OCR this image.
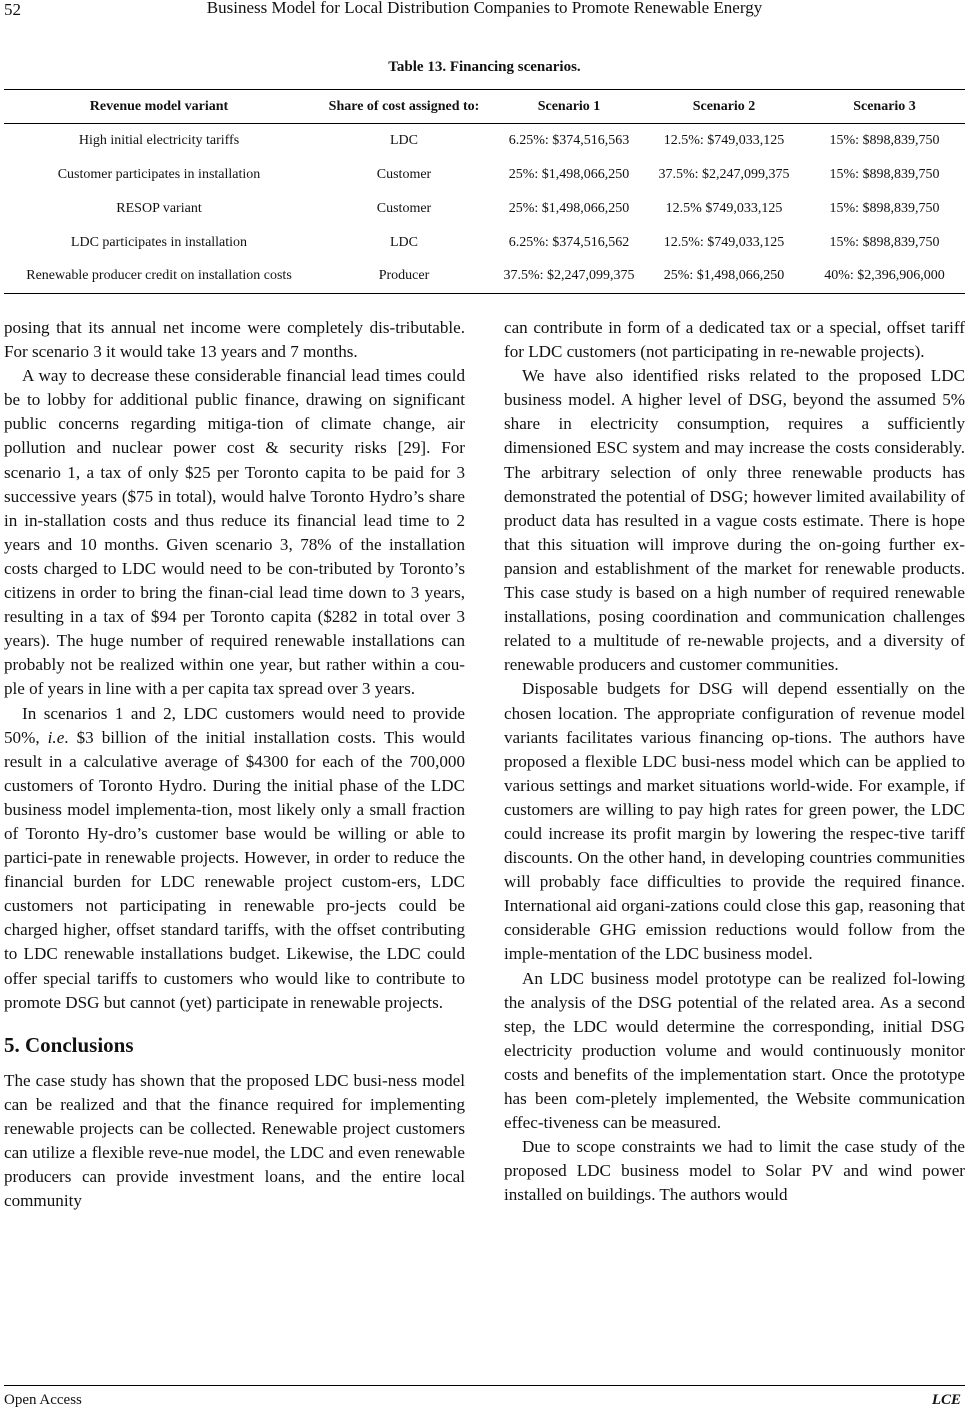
52	Business Model for Local Distribution Companies to Promote Renewable Energy
Table 13. Financing scenarios.
Revenue model variant	Share of cost assigned to:	Scenario 1	Scenario 2	Scenario 3
High initial electricity tariffs	LDC	6.25%: $374,516,563	12.5%: $749,033,125	15%: $898,839,750
Customer participates in installation	Customer	25%: $1,498,066,250	37.5%: $2,247,099,375	15%: $898,839,750
RESOP variant	Customer	25%: $1,498,066,250	12.5% $749,033,125	15%: $898,839,750
LDC participates in installation	LDC	6.25%: $374,516,562	12.5%: $749,033,125	15%: $898,839,750
Renewable producer credit on installation costs	Producer	37.5%: $2,247,099,375	25%: $1,498,066,250	40%: $2,396,906,000

posing that its annual net income were completely dis-tributable. For scenario 3 it would take 13 years and 7 months.

A way to decrease these considerable financial lead times could be to lobby for additional public finance, drawing on significant public concerns regarding mitiga-tion of climate change, air pollution and nuclear power cost & security risks [29]. For scenario 1, a tax of only $25 per Toronto capita to be paid for 3 successive years ($75 in total), would halve Toronto Hydro’s share in in-stallation costs and thus reduce its financial lead time to 2 years and 10 months. Given scenario 3, 78% of the installation costs charged to LDC would need to be con-tributed by Toronto’s citizens in order to bring the finan-cial lead time down to 3 years, resulting in a tax of $94 per Toronto capita ($282 in total over 3 years). The huge number of required renewable installations can probably not be realized within one year, but rather within a cou-ple of years in line with a per capita tax spread over 3 years.

In scenarios 1 and 2, LDC customers would need to provide 50%, i.e. $3 billion of the initial installation costs. This would result in a calculative average of $4300 for each of the 700,000 customers of Toronto Hydro. During the initial phase of the LDC business model implementa-tion, most likely only a small fraction of Toronto Hy-dro’s customer base would be willing or able to partici-pate in renewable projects. However, in order to reduce the financial burden for LDC renewable project custom-ers, LDC customers not participating in renewable pro-jects could be charged higher, offset standard tariffs, with the offset contributing to LDC renewable installations budget. Likewise, the LDC could offer special tariffs to customers who would like to contribute to promote DSG but cannot (yet) participate in renewable projects.

5. Conclusions

The case study has shown that the proposed LDC busi-ness model can be realized and that the finance required for implementing renewable projects can be collected. Renewable project customers can utilize a flexible reve-nue model, the LDC and even renewable producers can provide investment loans, and the entire local community

can contribute in form of a dedicated tax or a special, offset tariff for LDC customers (not participating in re-newable projects).

We have also identified risks related to the proposed LDC business model. A higher level of DSG, beyond the assumed 5% share in electricity consumption, requires a sufficiently dimensioned ESC system and may increase the costs considerably. The arbitrary selection of only three renewable products has demonstrated the potential of DSG; however limited availability of product data has resulted in a vague costs estimate. There is hope that this situation will improve during the on-going further ex-pansion and establishment of the market for renewable products. This case study is based on a high number of required renewable installations, posing coordination and communication challenges related to a multitude of re-newable projects, and a diversity of renewable producers and customer communities.

Disposable budgets for DSG will depend essentially on the chosen location. The appropriate configuration of revenue model variants facilitates various financing op-tions. The authors have proposed a flexible LDC busi-ness model which can be applied to various settings and market situations world-wide. For example, if customers are willing to pay high rates for green power, the LDC could increase its profit margin by lowering the respec-tive tariff discounts. On the other hand, in developing countries communities will probably face difficulties to provide the required finance. International aid organi-zations could close this gap, reasoning that considerable GHG emission reductions would follow from the imple-mentation of the LDC business model.

An LDC business model prototype can be realized fol-lowing the analysis of the DSG potential of the related area. As a second step, the LDC would determine the corresponding, initial DSG electricity production volume and would continuously monitor costs and benefits of the implementation start. Once the prototype has been com-pletely implemented, the Website communication effec-tiveness can be measured.

Due to scope constraints we had to limit the case study of the proposed LDC business model to Solar PV and wind power installed on buildings. The authors would

Open Access	LCE
